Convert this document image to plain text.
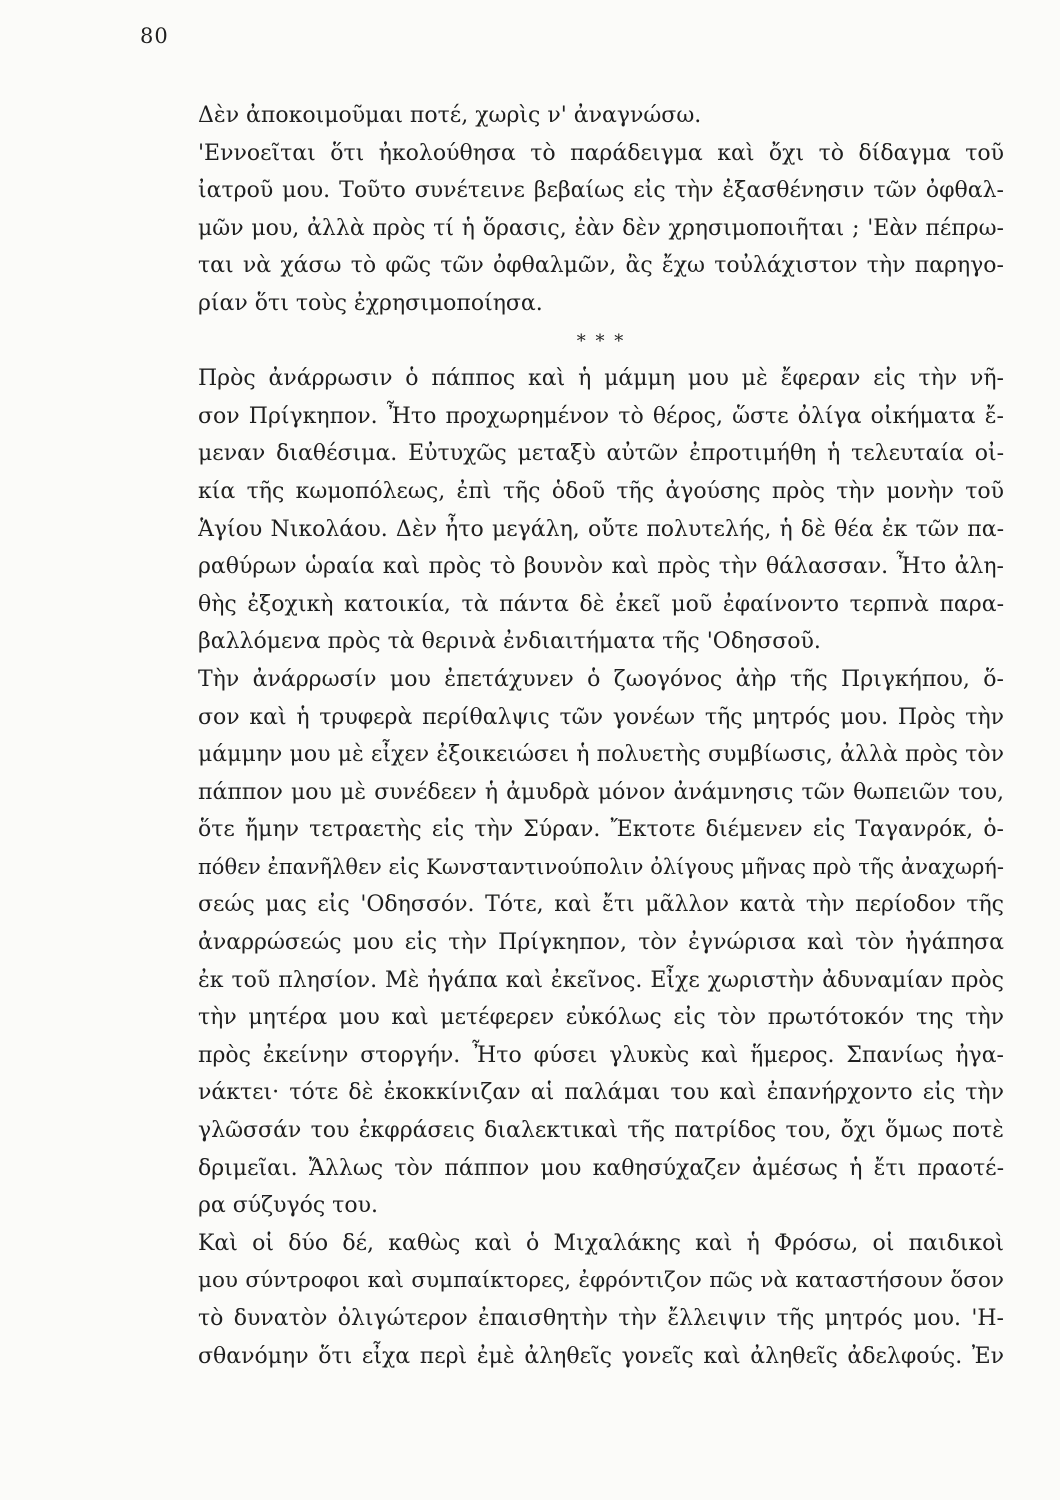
80
Δὲν ἀποκοιμοῦμαι ποτέ, χωρὶς ν' ἀναγνώσω.
'Εννοεῖται ὅτι ἠκολούθησα τὸ παράδειγμα καὶ ὄχι τὸ δίδαγμα τοῦ
ἰατροῦ μου. Τοῦτο συνέτεινε βεβαίως εἰς τὴν ἐξασθένησιν τῶν ὀφθαλ-
μῶν μου, ἀλλὰ πρὸς τί ἡ ὅρασις, ἐὰν δὲν χρησιμοποιῆται ; 'Εὰν πέπρω-
ται νὰ χάσω τὸ φῶς τῶν ὀφθαλμῶν, ἂς ἔχω τοὐλάχιστον τὴν παρηγο-
ρίαν ὅτι τοὺς ἐχρησιμοποίησα.
* * *
Πρὸς ἀνάρρωσιν ὁ πάππος καὶ ἡ μάμμη μου μὲ ἔφεραν εἰς τὴν νῆ-
σον Πρίγκηπον. Ἦτο προχωρημένον τὸ θέρος, ὥστε ὀλίγα οἰκήματα ἔ-
μεναν διαθέσιμα. Εὐτυχῶς μεταξὺ αὐτῶν ἐπροτιμήθη ἡ τελευταία οἰ-
κία τῆς κωμοπόλεως, ἐπὶ τῆς ὁδοῦ τῆς ἀγούσης πρὸς τὴν μονὴν τοῦ
Ἁγίου Νικολάου. Δὲν ἦτο μεγάλη, οὔτε πολυτελής, ἡ δὲ θέα ἐκ τῶν πα-
ραθύρων ὡραία καὶ πρὸς τὸ βουνὸν καὶ πρὸς τὴν θάλασσαν. Ἦτο ἀλη-
θὴς ἐξοχικὴ κατοικία, τὰ πάντα δὲ ἐκεῖ μοῦ ἐφαίνοντο τερπνὰ παρα-
βαλλόμενα πρὸς τὰ θερινὰ ἐνδιαιτήματα τῆς 'Οδησσοῦ.
Τὴν ἀνάρρωσίν μου ἐπετάχυνεν ὁ ζωογόνος ἀὴρ τῆς Πριγκήπου, ὅ-
σον καὶ ἡ τρυφερὰ περίθαλψις τῶν γονέων τῆς μητρός μου. Πρὸς τὴν
μάμμην μου μὲ εἶχεν ἐξοικειώσει ἡ πολυετὴς συμβίωσις, ἀλλὰ πρὸς τὸν
πάππον μου μὲ συνέδεεν ἡ ἀμυδρὰ μόνον ἀνάμνησις τῶν θωπειῶν του,
ὅτε ἤμην τετραετὴς εἰς τὴν Σύραν. Ἔκτοτε διέμενεν εἰς Ταγανρόκ, ὁ-
πόθεν ἐπανῆλθεν εἰς Κωνσταντινούπολιν ὀλίγους μῆνας πρὸ τῆς ἀναχωρή-
σεώς μας εἰς 'Οδησσόν. Τότε, καὶ ἔτι μᾶλλον κατὰ τὴν περίοδον τῆς
ἀναρρώσεώς μου εἰς τὴν Πρίγκηπον, τὸν ἐγνώρισα καὶ τὸν ἠγάπησα
ἐκ τοῦ πλησίον. Μὲ ἠγάπα καὶ ἐκεῖνος. Εἶχε χωριστὴν ἀδυναμίαν πρὸς
τὴν μητέρα μου καὶ μετέφερεν εὐκόλως εἰς τὸν πρωτότοκόν της τὴν
πρὸς ἐκείνην στοργήν. Ἦτο φύσει γλυκὺς καὶ ἥμερος. Σπανίως ἠγα-
νάκτει· τότε δὲ ἐκοκκίνιζαν αἱ παλάμαι του καὶ ἐπανήρχοντο εἰς τὴν
γλῶσσάν του ἐκφράσεις διαλεκτικαὶ τῆς πατρίδος του, ὄχι ὅμως ποτὲ
δριμεῖαι. Ἄλλως τὸν πάππον μου καθησύχαζεν ἀμέσως ἡ ἔτι πραοτέ-
ρα σύζυγός του.
Καὶ οἱ δύο δέ, καθὼς καὶ ὁ Μιχαλάκης καὶ ἡ Φρόσω, οἱ παιδικοὶ
μου σύντροφοι καὶ συμπαίκτορες, ἐφρόντιζον πῶς νὰ καταστήσουν ὅσον
τὸ δυνατὸν ὀλιγώτερον ἐπαισθητὴν τὴν ἔλλειψιν τῆς μητρός μου. 'Η-
σθανόμην ὅτι εἶχα περὶ ἐμὲ ἀληθεῖς γονεῖς καὶ ἀληθεῖς ἀδελφούς. Ἐν
